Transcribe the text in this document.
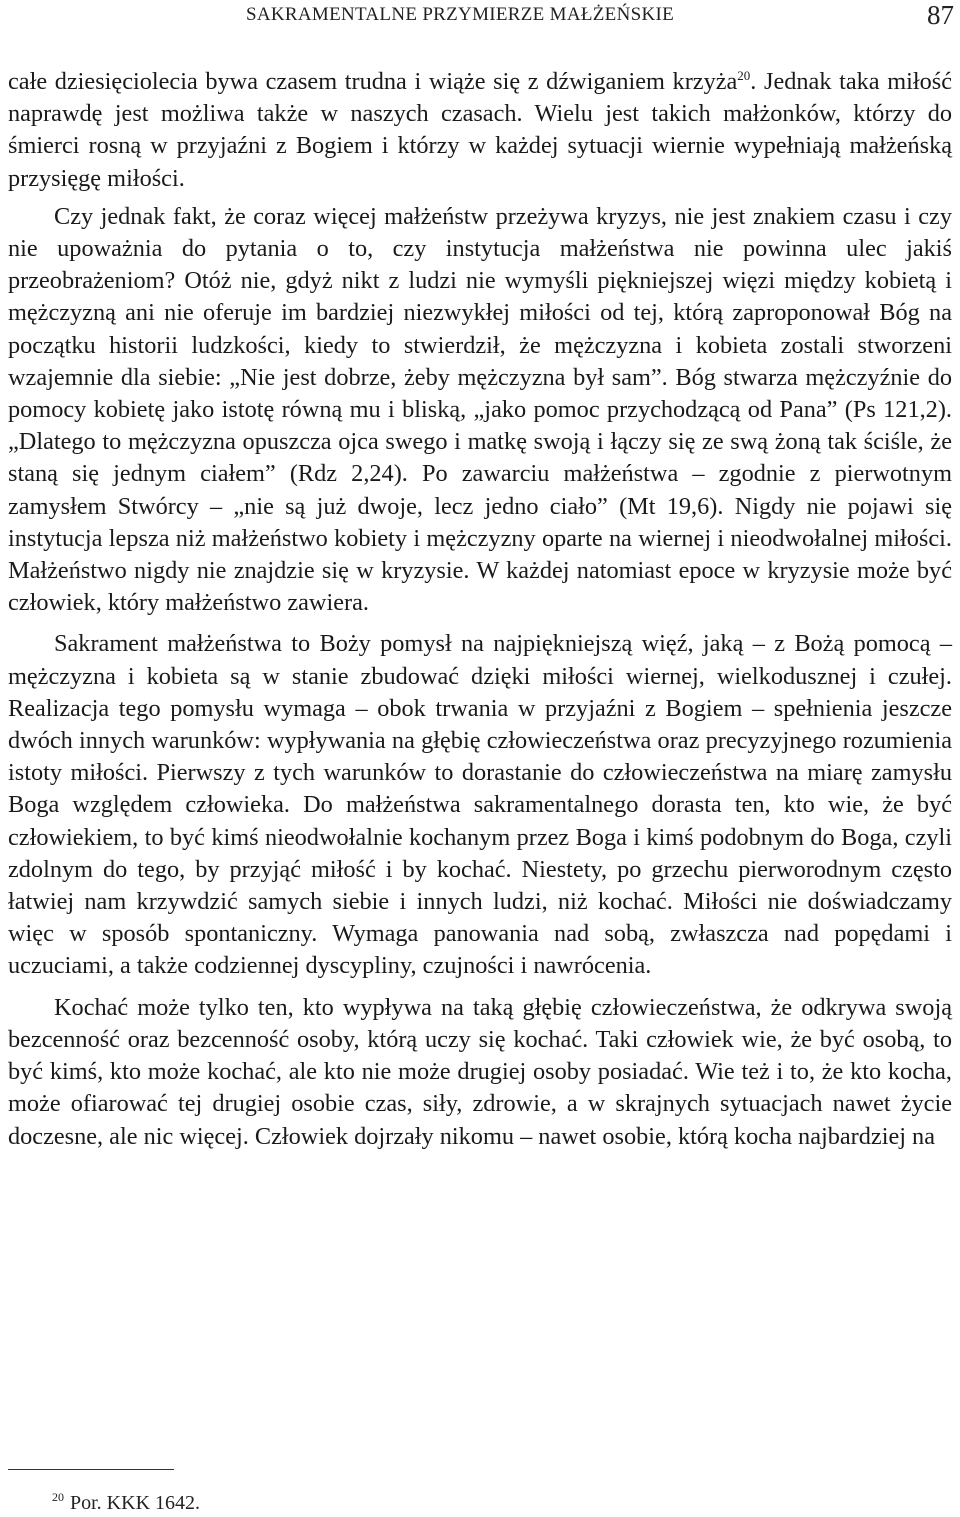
SAKRAMENTALNE PRZYMIERZE MAŁŻEŃSKIE	87

całe dziesięciolecia bywa czasem trudna i wiąże się z dźwiganiem krzyża$^{20}$. Jednak taka miłość naprawdę jest możliwa także w naszych czasach. Wielu jest takich małżonków, którzy do śmierci rosną w przyjaźni z Bogiem i którzy w każdej sytuacji wiernie wypełniają małżeńską przysięgę miłości.

Czy jednak fakt, że coraz więcej małżeństw przeżywa kryzys, nie jest znakiem czasu i czy nie upoważnia do pytania o to, czy instytucja małżeństwa nie powinna ulec jakiś przeobrażeniom? Otóż nie, gdyż nikt z ludzi nie wymyśli piękniejszej więzi między kobietą i mężczyzną ani nie oferuje im bardziej niezwykłej miłości od tej, którą zaproponował Bóg na początku historii ludzkości, kiedy to stwierdził, że mężczyzna i kobieta zostali stworzeni wzajemnie dla siebie: „Nie jest dobrze, żeby mężczyzna był sam”. Bóg stwarza mężczyźnie do pomocy kobietę jako istotę równą mu i bliską, „jako pomoc przychodzącą od Pana” (Ps 121,2). „Dlatego to mężczyzna opuszcza ojca swego i matkę swoją i łączy się ze swą żoną tak ściśle, że staną się jednym ciałem” (Rdz 2,24). Po zawarciu małżeństwa – zgodnie z pierwotnym zamysłem Stwórcy – „nie są już dwoje, lecz jedno ciało” (Mt 19,6). Nigdy nie pojawi się instytucja lepsza niż małżeństwo kobiety i mężczyzny oparte na wiernej i nieodwołalnej miłości. Małżeństwo nigdy nie znajdzie się w kryzysie. W każdej natomiast epoce w kryzysie może być człowiek, który małżeństwo zawiera.

Sakrament małżeństwa to Boży pomysł na najpiękniejszą więź, jaką – z Bożą pomocą – mężczyzna i kobieta są w stanie zbudować dzięki miłości wiernej, wielkodusznej i czułej. Realizacja tego pomysłu wymaga – obok trwania w przyjaźni z Bogiem – spełnienia jeszcze dwóch innych warunków: wypływania na głębię człowieczeństwa oraz precyzyjnego rozumienia istoty miłości. Pierwszy z tych warunków to dorastanie do człowieczeństwa na miarę zamysłu Boga względem człowieka. Do małżeństwa sakramentalnego dorasta ten, kto wie, że być człowiekiem, to być kimś nieodwołalnie kochanym przez Boga i kimś podobnym do Boga, czyli zdolnym do tego, by przyjąć miłość i by kochać. Niestety, po grzechu pierworodnym często łatwiej nam krzywdzić samych siebie i innych ludzi, niż kochać. Miłości nie doświadczamy więc w sposób spontaniczny. Wymaga panowania nad sobą, zwłaszcza nad popędami i uczuciami, a także codziennej dyscypliny, czujności i nawrócenia.

Kochać może tylko ten, kto wypływa na taką głębię człowieczeństwa, że odkrywa swoją bezcenność oraz bezcenność osoby, którą uczy się kochać. Taki człowiek wie, że być osobą, to być kimś, kto może kochać, ale kto nie może drugiej osoby posiadać. Wie też i to, że kto kocha, może ofiarować tej drugiej osobie czas, siły, zdrowie, a w skrajnych sytuacjach nawet życie doczesne, ale nic więcej. Człowiek dojrzały nikomu – nawet osobie, którą kocha najbardziej na

$^{20}$ Por. KKK 1642.
